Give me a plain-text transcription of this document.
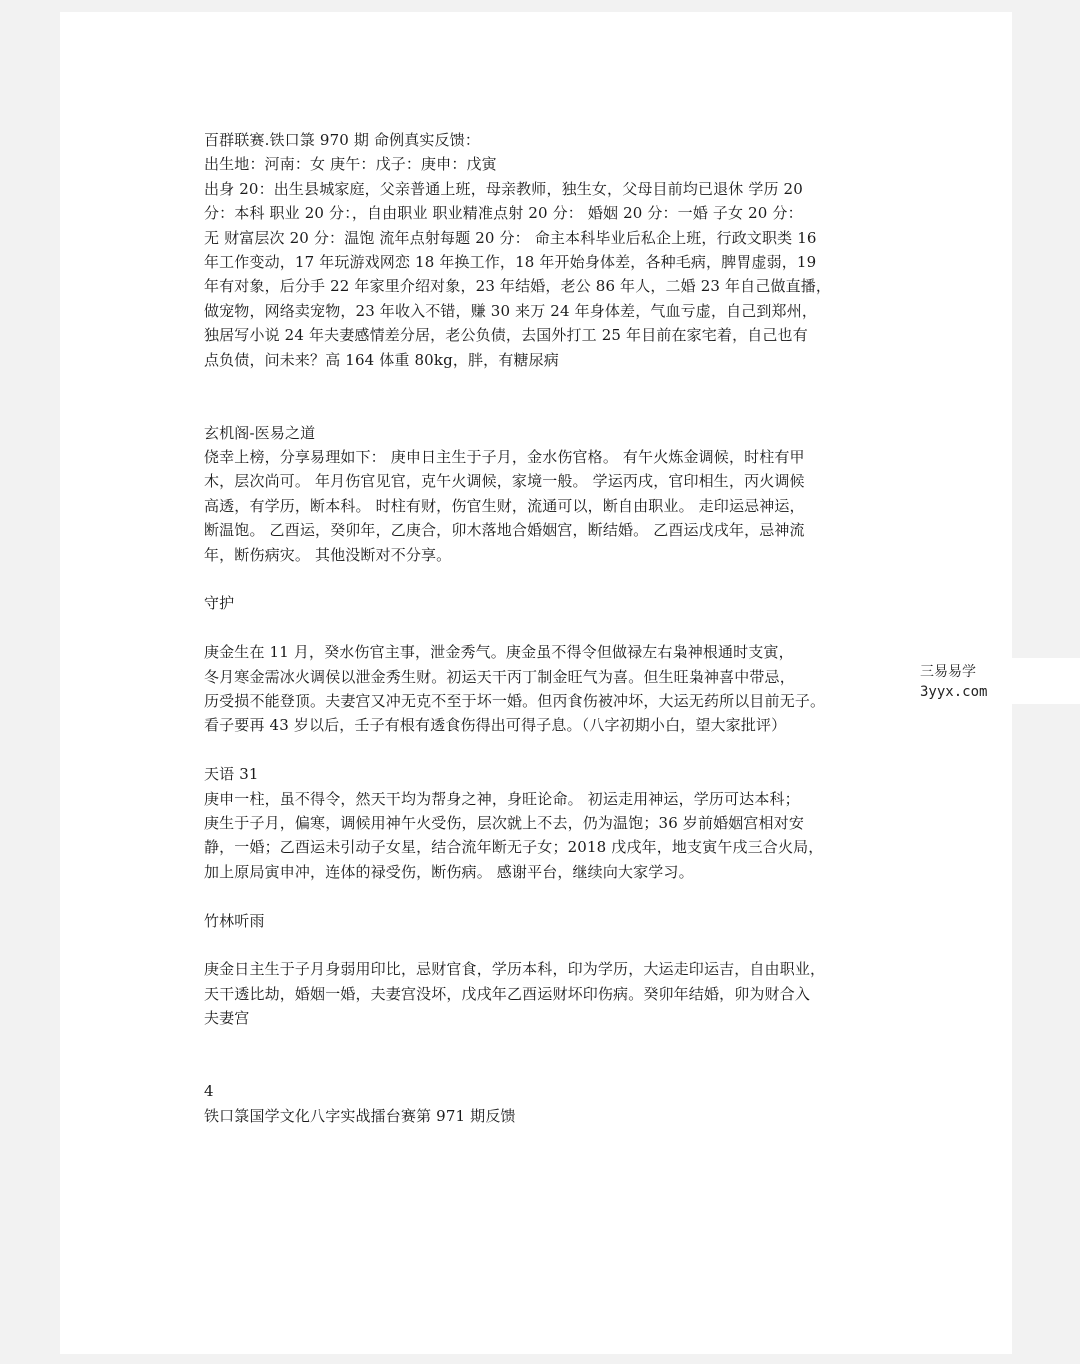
百群联赛.铁口箓 970 期 命例真实反馈：
出生地：河南：女 庚午：戊子：庚申：戊寅
出身 20：出生县城家庭，父亲普通上班，母亲教师，独生女，父母目前均已退休 学历 20
分：本科 职业 20 分：，自由职业 职业精准点射 20 分： 婚姻 20 分：一婚 子女 20 分：
无 财富层次 20 分：温饱 流年点射每题 20 分： 命主本科毕业后私企上班，行政文职类 16
年工作变动，17 年玩游戏网恋 18 年换工作，18 年开始身体差，各种毛病，脾胃虚弱，19
年有对象，后分手 22 年家里介绍对象，23 年结婚，老公 86 年人，二婚 23 年自己做直播，
做宠物，网络卖宠物，23 年收入不错，赚 30 来万 24 年身体差，气血亏虚，自己到郑州，
独居写小说 24 年夫妻感情差分居，老公负债，去国外打工 25 年目前在家宅着，自己也有
点负债，问未来？高 164 体重 80kg，胖，有糖尿病
玄机阁-医易之道
侥幸上榜，分享易理如下： 庚申日主生于子月，金水伤官格。 有午火炼金调候，时柱有甲
木，层次尚可。 年月伤官见官，克午火调候，家境一般。 学运丙戌，官印相生，丙火调候
高透，有学历，断本科。 时柱有财，伤官生财，流通可以，断自由职业。 走印运忌神运，
断温饱。 乙酉运，癸卯年，乙庚合，卯木落地合婚姻宫，断结婚。 乙酉运戊戌年，忌神流
年，断伤病灾。 其他没断对不分享。
守护
庚金生在 11 月，癸水伤官主事，泄金秀气。庚金虽不得令但做禄左右枭神根通时支寅，
冬月寒金需冰火调侯以泄金秀生财。初运天干丙丁制金旺气为喜。但生旺枭神喜中带忌，
历受损不能登顶。夫妻宫又冲无克不至于坏一婚。但丙食伤被冲坏，大运无药所以目前无子。
看子要再 43 岁以后，壬子有根有透食伤得出可得子息。（八字初期小白，望大家批评）
天语 31
庚申一柱，虽不得令，然天干均为帮身之神，身旺论命。 初运走用神运，学历可达本科；
庚生于子月，偏寒，调候用神午火受伤，层次就上不去，仍为温饱；36 岁前婚姻宫相对安
静，一婚；乙酉运未引动子女星，结合流年断无子女；2018 戊戌年，地支寅午戌三合火局，
加上原局寅申冲，连体的禄受伤，断伤病。 感谢平台，继续向大家学习。
竹林听雨
庚金日主生于子月身弱用印比，忌财官食，学历本科，印为学历，大运走印运吉，自由职业，
天干透比劫，婚姻一婚，夫妻宫没坏，戊戌年乙酉运财坏印伤病。癸卯年结婚，卯为财合入
夫妻宫
4
铁口箓国学文化八字实战擂台赛第 971 期反馈
三易易学
3yyx.com
